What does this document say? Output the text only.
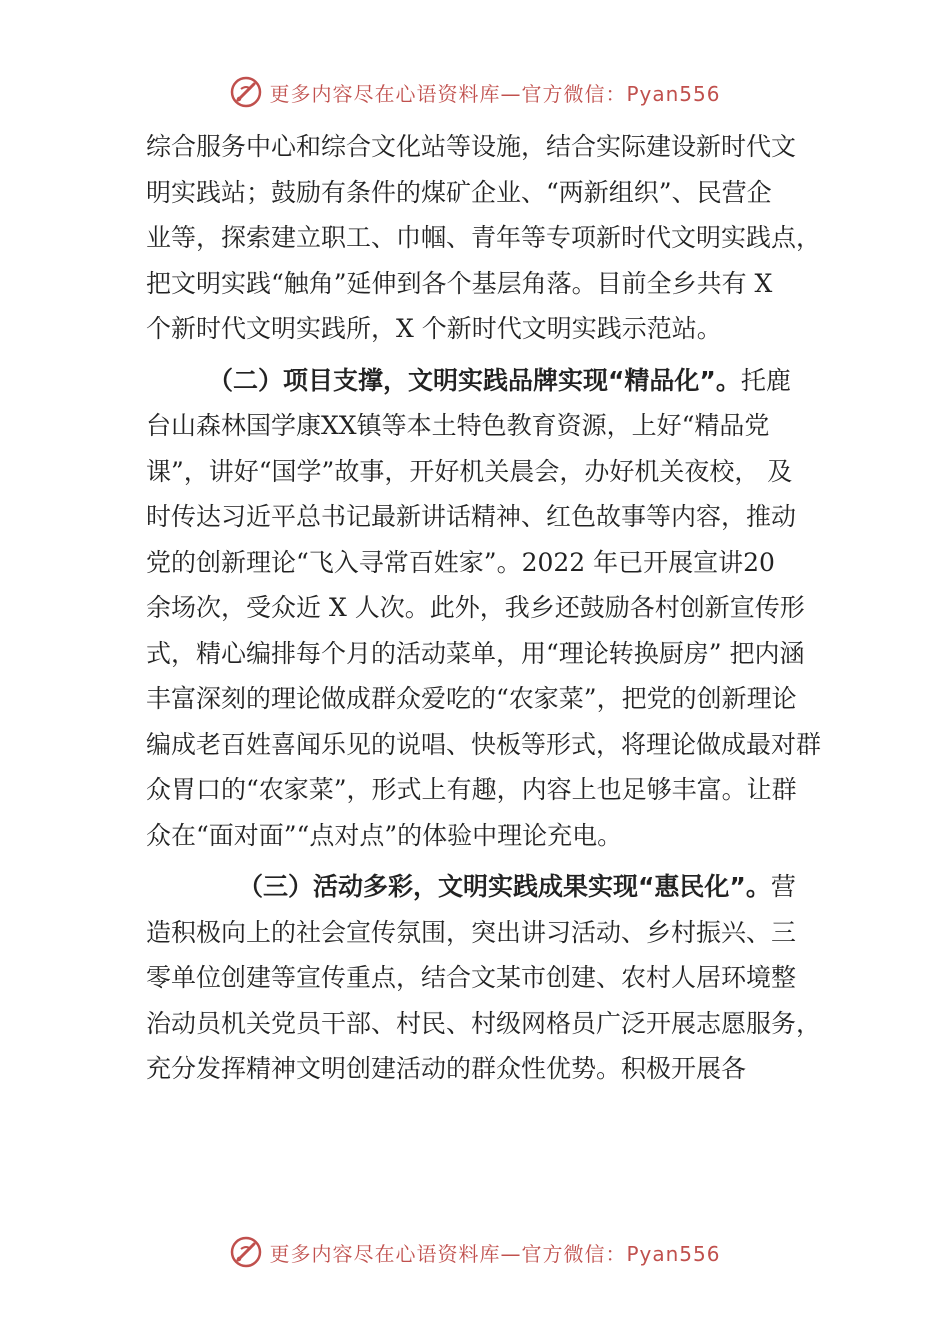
更多内容尽在心语资料库—官方微信：Pyan556
综合服务中心和综合文化站等设施，结合实际建设新时代文
明实践站；鼓励有条件的煤矿企业、“两新组织”、民营企
业等，探索建立职工、巾帼、青年等专项新时代文明实践点，
把文明实践“触角”延伸到各个基层角落。目前全乡共有 X
个新时代文明实践所，X 个新时代文明实践示范站。
（二）项目支撑，文明实践品牌实现“精品化”。托鹿
台山森林国学康XX镇等本土特色教育资源，上好“精品党
课”，讲好“国学”故事，开好机关晨会，办好机关夜校， 及
时传达习近平总书记最新讲话精神、红色故事等内容，推动
党的创新理论“飞入寻常百姓家”。2022 年已开展宣讲20
余场次，受众近 X 人次。此外，我乡还鼓励各村创新宣传形
式，精心编排每个月的活动菜单，用“理论转换厨房” 把内涵
丰富深刻的理论做成群众爱吃的“农家菜”，把党的创新理论
编成老百姓喜闻乐见的说唱、快板等形式，将理论做成最对群
众胃口的“农家菜”，形式上有趣，内容上也足够丰富。让群
众在“面对面”“点对点”的体验中理论充电。
（三）活动多彩，文明实践成果实现“惠民化”。营
造积极向上的社会宣传氛围，突出讲习活动、乡村振兴、三
零单位创建等宣传重点，结合文某市创建、农村人居环境整
治动员机关党员干部、村民、村级网格员广泛开展志愿服务，
充分发挥精神文明创建活动的群众性优势。积极开展各
更多内容尽在心语资料库—官方微信：Pyan556
